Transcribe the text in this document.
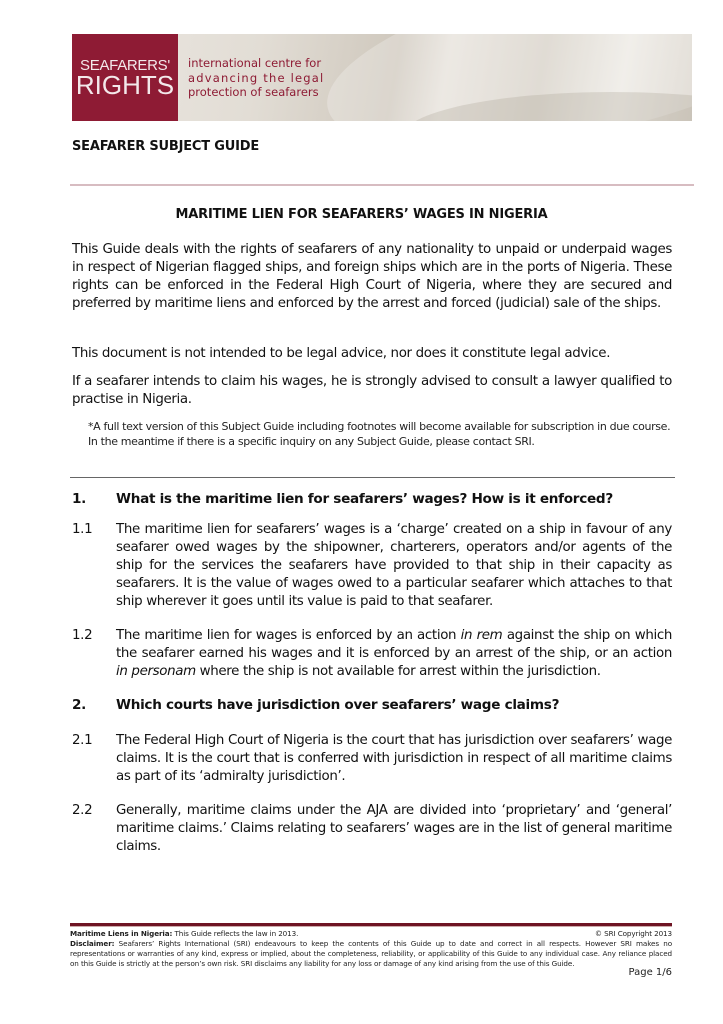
SEAFARERS'
RIGHTS
international centre for
advancing the legal
protection of seafarers
SEAFARER SUBJECT GUIDE
MARITIME LIEN FOR SEAFARERS’ WAGES IN NIGERIA
This Guide deals with the rights of seafarers of any nationality to unpaid or underpaid wages in respect of Nigerian flagged ships, and foreign ships which are in the ports of Nigeria. These rights can be enforced in the Federal High Court of Nigeria, where they are secured and preferred by maritime liens and enforced by the arrest and forced (judicial) sale of the ships.
This document is not intended to be legal advice, nor does it constitute legal advice.
If a seafarer intends to claim his wages, he is strongly advised to consult a lawyer qualified to practise in Nigeria.
*A full text version of this Subject Guide including footnotes will become available for subscription in due course. In the meantime if there is a specific inquiry on any Subject Guide, please contact SRI.
1. What is the maritime lien for seafarers’ wages? How is it enforced?
1.1 The maritime lien for seafarers’ wages is a ‘charge’ created on a ship in favour of any seafarer owed wages by the shipowner, charterers, operators and/or agents of the ship for the services the seafarers have provided to that ship in their capacity as seafarers. It is the value of wages owed to a particular seafarer which attaches to that ship wherever it goes until its value is paid to that seafarer.
1.2 The maritime lien for wages is enforced by an action in rem against the ship on which the seafarer earned his wages and it is enforced by an arrest of the ship, or an action in personam where the ship is not available for arrest within the jurisdiction.
2. Which courts have jurisdiction over seafarers’ wage claims?
2.1 The Federal High Court of Nigeria is the court that has jurisdiction over seafarers’ wage claims. It is the court that is conferred with jurisdiction in respect of all maritime claims as part of its ‘admiralty jurisdiction’.
2.2 Generally, maritime claims under the AJA are divided into ‘proprietary’ and ‘general’ maritime claims.’ Claims relating to seafarers’ wages are in the list of general maritime claims.
Maritime Liens in Nigeria: This Guide reflects the law in 2013.	© SRI Copyright 2013
Disclaimer: Seafarers’ Rights International (SRI) endeavours to keep the contents of this Guide up to date and correct in all respects. However SRI makes no representations or warranties of any kind, express or implied, about the completeness, reliability, or applicability of this Guide to any individual case. Any reliance placed on this Guide is strictly at the person’s own risk. SRI disclaims any liability for any loss or damage of any kind arising from the use of this Guide.
Page 1/6
